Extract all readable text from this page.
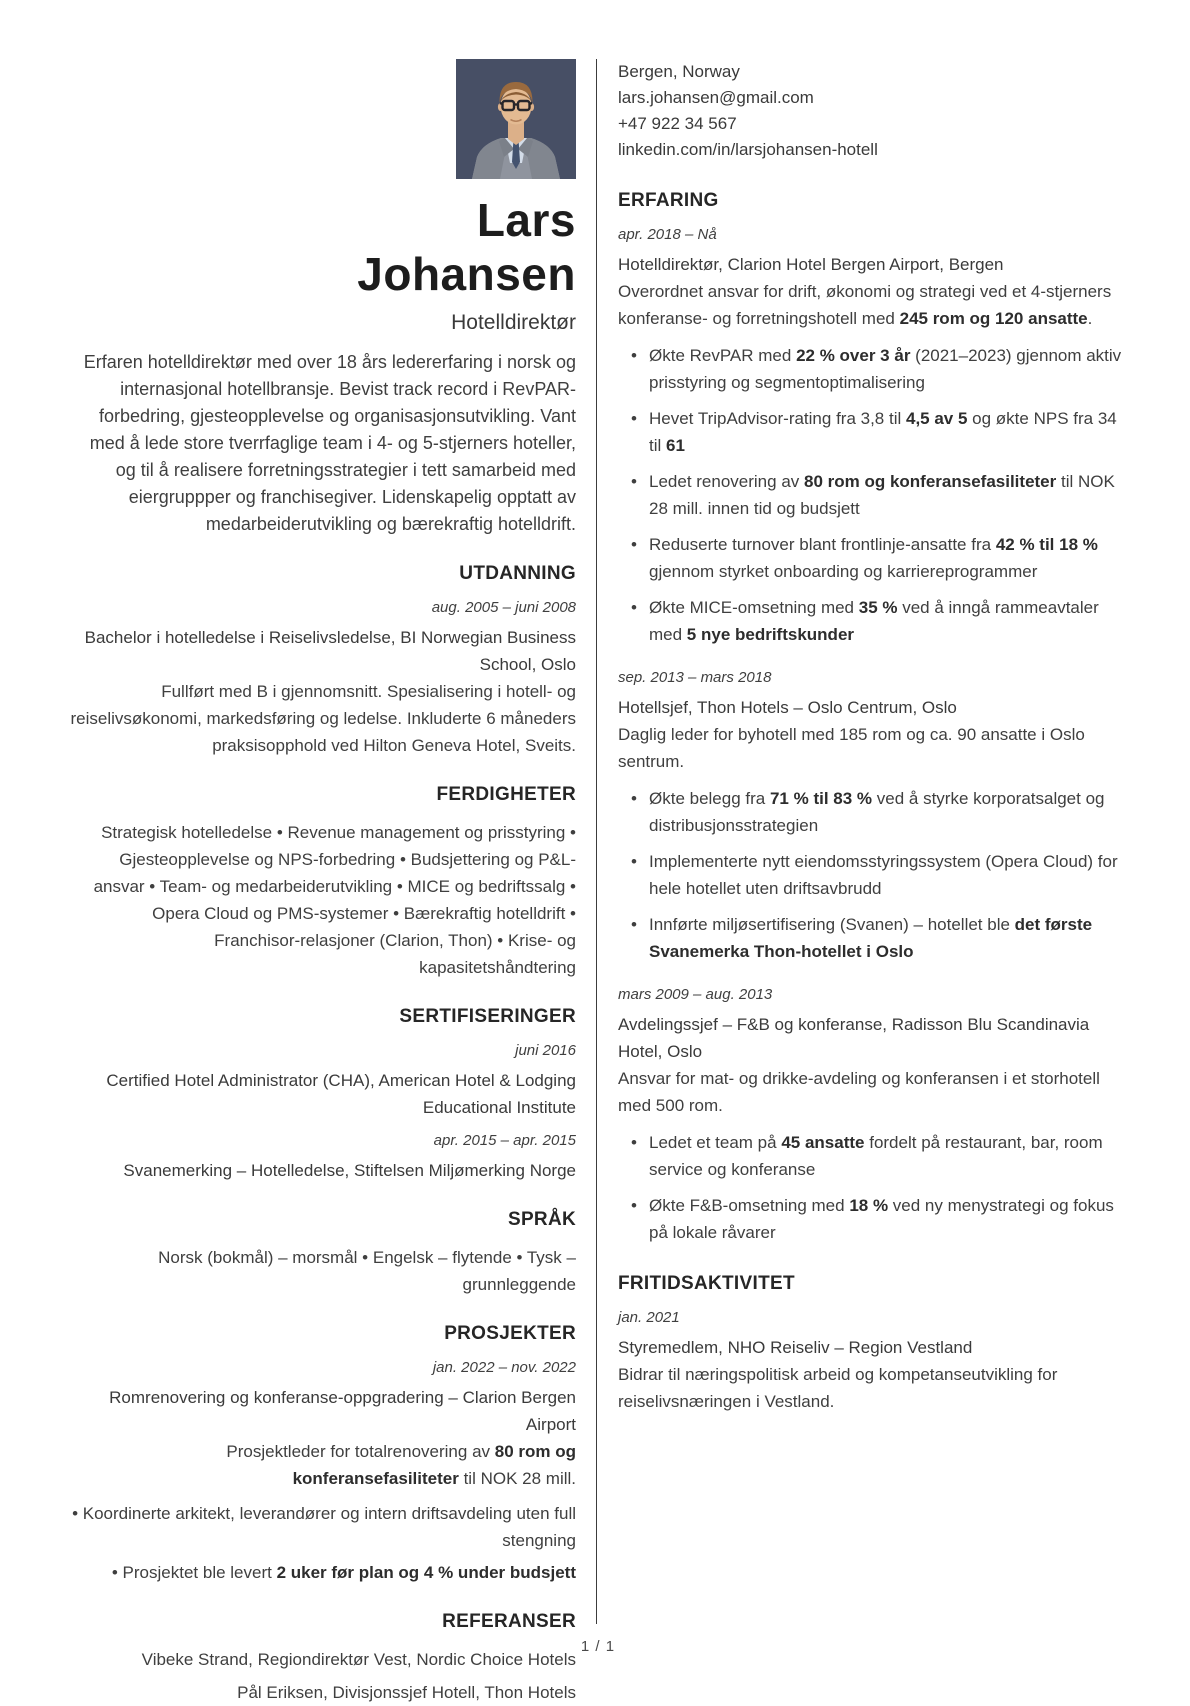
Lars
Johansen
Hotelldirektør

Erfaren hotelldirektør med over 18 års ledererfaring i norsk og internasjonal hotellbransje. Bevist track record i RevPAR-forbedring, gjesteopplevelse og organisasjonsutvikling. Vant med å lede store tverrfaglige team i 4- og 5-stjerners hoteller, og til å realisere forretningsstrategier i tett samarbeid med eiergruppper og franchisegiver. Lidenskapelig opptatt av medarbeiderutvikling og bærekraftig hotelldrift.

UTDANNING
aug. 2005 – juni 2008
Bachelor i hotelledelse i Reiselivsledelse, BI Norwegian Business School, Oslo

Fullført med B i gjennomsnitt. Spesialisering i hotell- og reiselivsøkonomi, markedsføring og ledelse. Inkluderte 6 måneders praksisopphold ved Hilton Geneva Hotel, Sveits.

FERDIGHETER

Strategisk hotelledelse • Revenue management og prisstyring • Gjesteopplevelse og NPS-forbedring • Budsjettering og P&L-ansvar • Team- og medarbeiderutvikling • MICE og bedriftssalg • Opera Cloud og PMS-systemer • Bærekraftig hotelldrift • Franchisor-relasjoner (Clarion, Thon) • Krise- og kapasitetshåndtering

SERTIFISERINGER
juni 2016
Certified Hotel Administrator (CHA), American Hotel & Lodging Educational Institute
apr. 2015 – apr. 2015
Svanemerking – Hotelledelse, Stiftelsen Miljømerking Norge
SPRÅK

Norsk (bokmål) – morsmål • Engelsk – flytende • Tysk – grunnleggende

PROSJEKTER
jan. 2022 – nov. 2022
Romrenovering og konferanse-oppgradering – Clarion Bergen Airport

Prosjektleder for totalrenovering av 80 rom og konferansefasiliteter til NOK 28 mill.

• Koordinerte arkitekt, leverandører og intern driftsavdeling uten full stengning

• Prosjektet ble levert 2 uker før plan og 4 % under budsjett

REFERANSER
Vibeke Strand, Regiondirektør Vest, Nordic Choice Hotels
Pål Eriksen, Divisjonssjef Hotell, Thon Hotels
Bergen, Norway
lars.johansen@gmail.com
+47 922 34 567
linkedin.com/in/larsjohansen-hotell
ERFARING
apr. 2018 – Nå
Hotelldirektør, Clarion Hotel Bergen Airport, Bergen

Overordnet ansvar for drift, økonomi og strategi ved et 4-stjerners konferanse- og forretningshotell med 245 rom og 120 ansatte.

• Økte RevPAR med 22 % over 3 år (2021–2023) gjennom aktiv prisstyring og segmentoptimalisering
• Hevet TripAdvisor-rating fra 3,8 til 4,5 av 5 og økte NPS fra 34 til 61
• Ledet renovering av 80 rom og konferansefasiliteter til NOK 28 mill. innen tid og budsjett
• Reduserte turnover blant frontlinje-ansatte fra 42 % til 18 % gjennom styrket onboarding og karriereprogrammer
• Økte MICE-omsetning med 35 % ved å inngå rammeavtaler med 5 nye bedriftskunder
sep. 2013 – mars 2018
Hotellsjef, Thon Hotels – Oslo Centrum, Oslo

Daglig leder for byhotell med 185 rom og ca. 90 ansatte i Oslo sentrum.

• Økte belegg fra 71 % til 83 % ved å styrke korporatsalget og distribusjonsstrategien
• Implementerte nytt eiendomsstyringssystem (Opera Cloud) for hele hotellet uten driftsavbrudd
• Innførte miljøsertifisering (Svanen) – hotellet ble det første Svanemerka Thon-hotellet i Oslo
mars 2009 – aug. 2013
Avdelingssjef – F&B og konferanse, Radisson Blu Scandinavia Hotel, Oslo

Ansvar for mat- og drikke-avdeling og konferansen i et storhotell med 500 rom.

• Ledet et team på 45 ansatte fordelt på restaurant, bar, room service og konferanse
• Økte F&B-omsetning med 18 % ved ny menystrategi og fokus på lokale råvarer
FRITIDSAKTIVITET
jan. 2021
Styremedlem, NHO Reiseliv – Region Vestland

Bidrar til næringspolitisk arbeid og kompetanseutvikling for reiselivsnæringen i Vestland.

1 / 1
